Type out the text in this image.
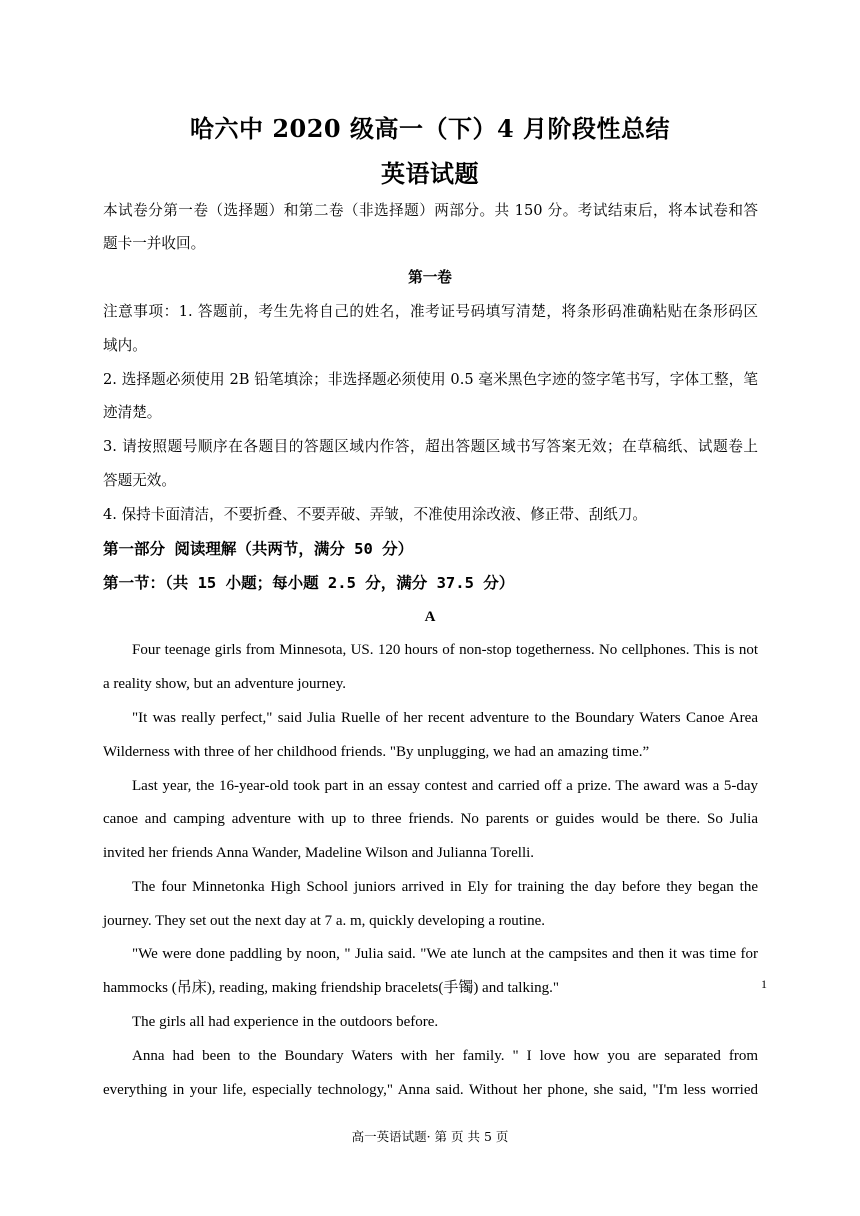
哈六中 2020 级高一（下）4 月阶段性总结
英语试题
本试卷分第一卷（选择题）和第二卷（非选择题）两部分。共 150 分。考试结束后，将本试卷和答
题卡一并收回。
第一卷
注意事项：1. 答题前，考生先将自己的姓名，准考证号码填写清楚，将条形码准确粘贴在条形码区
域内。
2. 选择题必须使用 2B 铅笔填涂；非选择题必须使用 0.5 毫米黑色字迹的签字笔书写，字体工整，笔
迹清楚。
3. 请按照题号顺序在各题目的答题区域内作答，超出答题区域书写答案无效；在草稿纸、试题卷上
答题无效。
4. 保持卡面清洁，不要折叠、不要弄破、弄皱，不准使用涂改液、修正带、刮纸刀。
第一部分 阅读理解（共两节，满分 50 分）
第一节：（共 15 小题；每小题 2.5 分，满分 37.5 分）
A
Four teenage girls from Minnesota, US. 120 hours of non-stop togetherness. No cellphones. This is not
a reality show, but an adventure journey.
"It was really perfect," said Julia Ruelle of her recent adventure to the Boundary Waters Canoe Area
Wilderness with three of her childhood friends. "By unplugging, we had an amazing time.”
Last year, the 16-year-old took part in an essay contest and carried off a prize. The award was a 5-day
canoe and camping adventure with up to three friends. No parents or guides would be there. So Julia
invited her friends Anna Wander, Madeline Wilson and Julianna Torelli.
The four Minnetonka High School juniors arrived in Ely for training the day before they began the
journey. They set out the next day at 7 a. m, quickly developing a routine.
"We were done paddling by noon, " Julia said. "We ate lunch at the campsites and then it was time for
hammocks (吊床), reading, making friendship bracelets(手镯) and talking."
The girls all had experience in the outdoors before.
Anna had been to the Boundary Waters with her family. " I love how you are separated from
everything in your life, especially technology," Anna said. Without her phone, she said, "I'm less worried
1
高一英语试题· 第 页 共 5 页
